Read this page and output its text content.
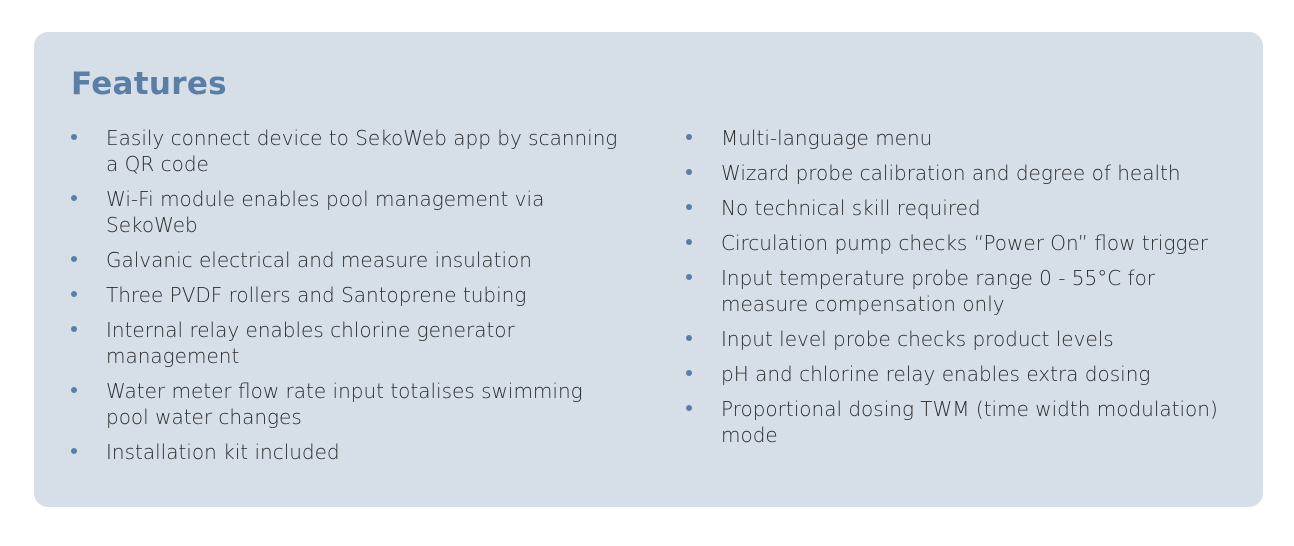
Features
Easily connect device to SekoWeb app by scanning a QR code
Wi-Fi module enables pool management via SekoWeb
Galvanic electrical and measure insulation
Three PVDF rollers and Santoprene tubing
Internal relay enables chlorine generator management
Water meter flow rate input totalises swimming pool water changes
Installation kit included
Multi-language menu
Wizard probe calibration and degree of health
No technical skill required
Circulation pump checks “Power On” flow trigger
Input temperature probe range 0 - 55°C for measure compensation only
Input level probe checks product levels
pH and chlorine relay enables extra dosing
Proportional dosing TWM (time width modulation) mode
